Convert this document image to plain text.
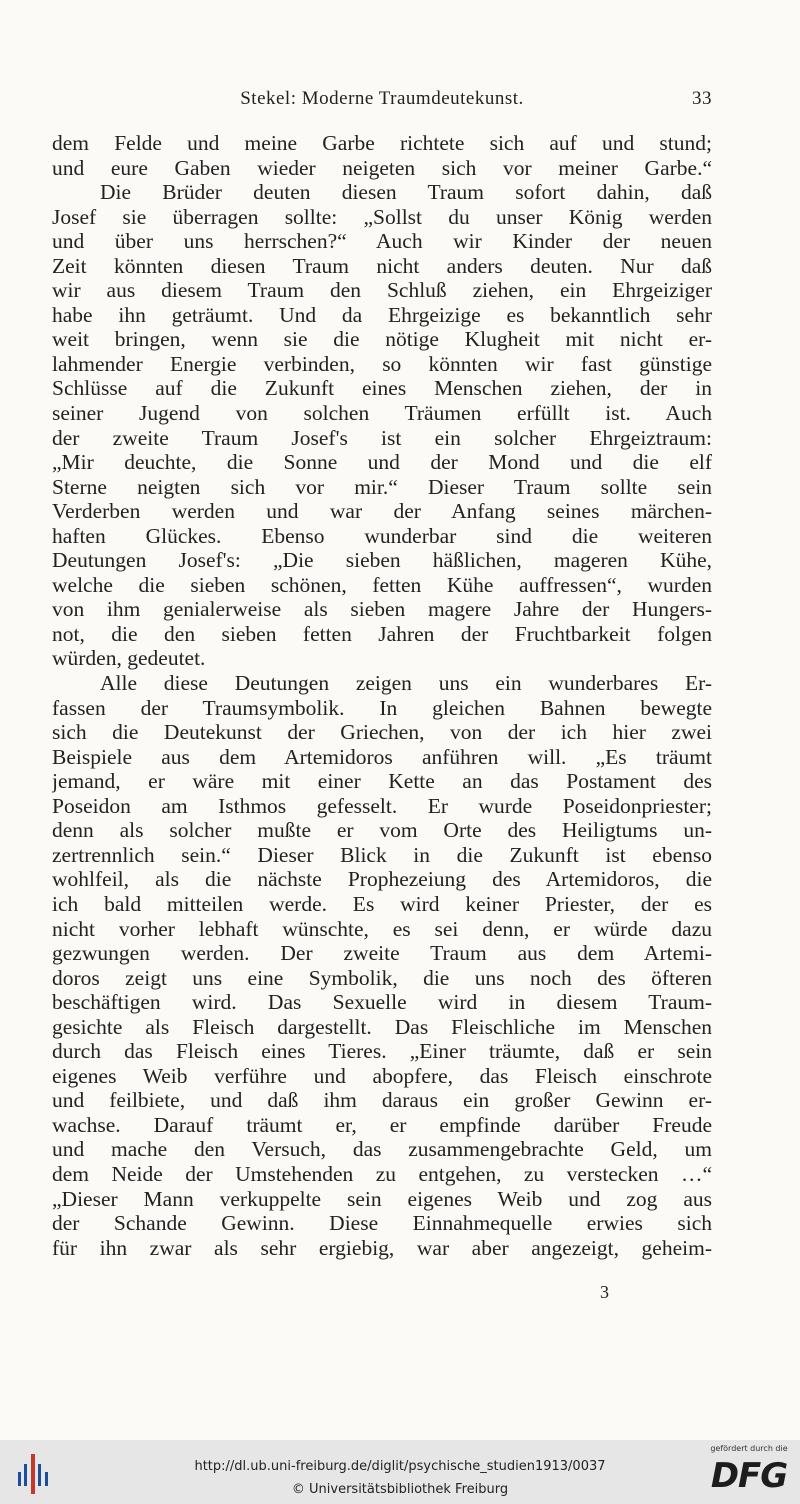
Stekel: Moderne Traumdeutekunst.	33
dem Felde und meine Garbe richtete sich auf und stund;
und eure Gaben wieder neigeten sich vor meiner Garbe.“
Die Brüder deuten diesen Traum sofort dahin, daß
Josef sie überragen sollte: „Sollst du unser König werden
und über uns herrschen?“ Auch wir Kinder der neuen
Zeit könnten diesen Traum nicht anders deuten. Nur daß
wir aus diesem Traum den Schluß ziehen, ein Ehrgeiziger
habe ihn geträumt. Und da Ehrgeizige es bekanntlich sehr
weit bringen, wenn sie die nötige Klugheit mit nicht er-
lahmender Energie verbinden, so könnten wir fast günstige
Schlüsse auf die Zukunft eines Menschen ziehen, der in
seiner Jugend von solchen Träumen erfüllt ist. Auch
der zweite Traum Josef's ist ein solcher Ehrgeiztraum:
„Mir deuchte, die Sonne und der Mond und die elf
Sterne neigten sich vor mir.“ Dieser Traum sollte sein
Verderben werden und war der Anfang seines märchen-
haften Glückes. Ebenso wunderbar sind die weiteren
Deutungen Josef's: „Die sieben häßlichen, mageren Kühe,
welche die sieben schönen, fetten Kühe auffressen“, wurden
von ihm genialerweise als sieben magere Jahre der Hungers-
not, die den sieben fetten Jahren der Fruchtbarkeit folgen
würden, gedeutet.
Alle diese Deutungen zeigen uns ein wunderbares Er-
fassen der Traumsymbolik. In gleichen Bahnen bewegte
sich die Deutekunst der Griechen, von der ich hier zwei
Beispiele aus dem Artemidoros anführen will. „Es träumt
jemand, er wäre mit einer Kette an das Postament des
Poseidon am Isthmos gefesselt. Er wurde Poseidonpriester;
denn als solcher mußte er vom Orte des Heiligtums un-
zertrennlich sein.“ Dieser Blick in die Zukunft ist ebenso
wohlfeil, als die nächste Prophezeiung des Artemidoros, die
ich bald mitteilen werde. Es wird keiner Priester, der es
nicht vorher lebhaft wünschte, es sei denn, er würde dazu
gezwungen werden. Der zweite Traum aus dem Artemi-
doros zeigt uns eine Symbolik, die uns noch des öfteren
beschäftigen wird. Das Sexuelle wird in diesem Traum-
gesichte als Fleisch dargestellt. Das Fleischliche im Menschen
durch das Fleisch eines Tieres. „Einer träumte, daß er sein
eigenes Weib verführe und abopfere, das Fleisch einschrote
und feilbiete, und daß ihm daraus ein großer Gewinn er-
wachse. Darauf träumt er, er empfinde darüber Freude
und mache den Versuch, das zusammengebrachte Geld, um
dem Neide der Umstehenden zu entgehen, zu verstecken …“
„Dieser Mann verkuppelte sein eigenes Weib und zog aus
der Schande Gewinn. Diese Einnahmequelle erwies sich
für ihn zwar als sehr ergiebig, war aber angezeigt, geheim-
3
http://dl.ub.uni-freiburg.de/diglit/psychische_studien1913/0037
© Universitätsbibliothek Freiburg
gefördert durch die
DFG
